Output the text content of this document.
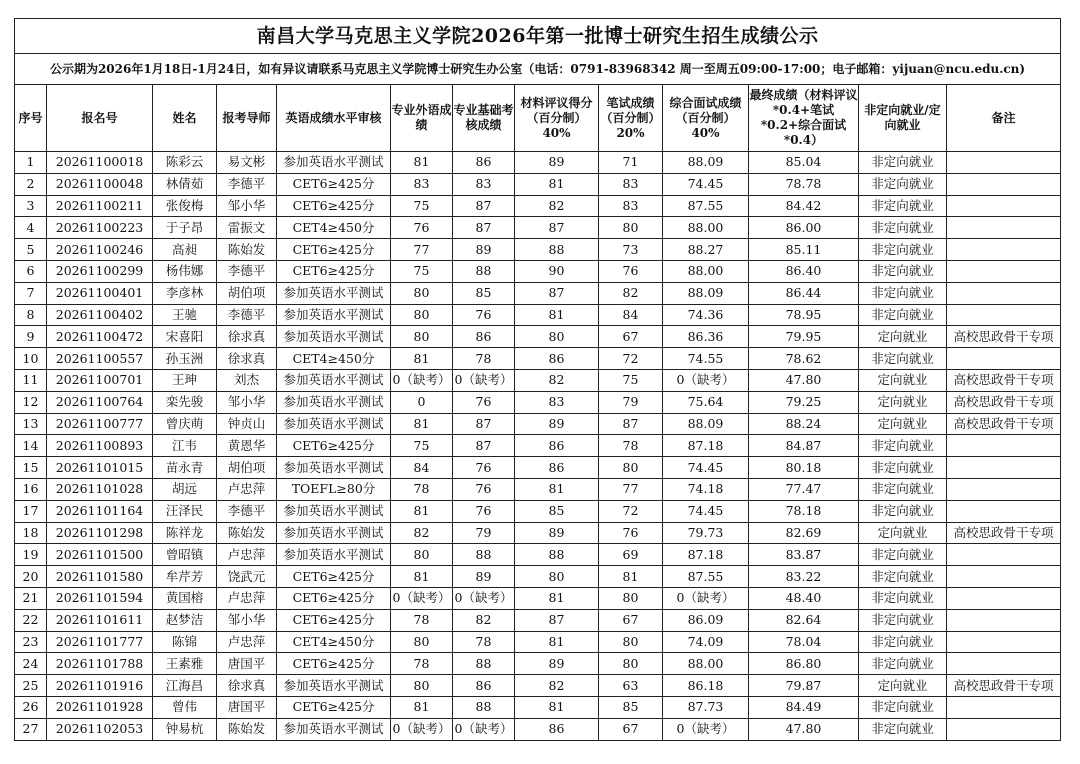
南昌大学马克思主义学院2026年第一批博士研究生招生成绩公示												
公示期为2026年1月18日-1月24日，如有异议请联系马克思主义学院博士研究生办公室（电话：0791-83968342 周一至周五09:00-17:00；电子邮箱：yijuan@ncu.edu.cn)												
序号	报名号	姓名	报考导师	英语成绩水平审核	专业外语成绩	专业基础考核成绩	材料评议得分（百分制）40%	笔试成绩（百分制）20%	综合面试成绩（百分制）40%	最终成绩（材料评议*0.4+笔试*0.2+综合面试*0.4）	非定向就业/定向就业	备注
1	20261100018	陈彩云	易文彬	参加英语水平测试	81	86	89	71	88.09	85.04	非定向就业	
2	20261100048	林倩茹	李德平	CET6≥425分	83	83	81	83	74.45	78.78	非定向就业	
3	20261100211	张俊梅	邹小华	CET6≥425分	75	87	82	83	87.55	84.42	非定向就业	
4	20261100223	于子昂	雷振文	CET4≥450分	76	87	87	80	88.00	86.00	非定向就业	
5	20261100246	高昶	陈始发	CET6≥425分	77	89	88	73	88.27	85.11	非定向就业	
6	20261100299	杨伟娜	李德平	CET6≥425分	75	88	90	76	88.00	86.40	非定向就业	
7	20261100401	李彦林	胡伯项	参加英语水平测试	80	85	87	82	88.09	86.44	非定向就业	
8	20261100402	王驰	李德平	参加英语水平测试	80	76	81	84	74.36	78.95	非定向就业	
9	20261100472	宋喜阳	徐求真	参加英语水平测试	80	86	80	67	86.36	79.95	定向就业	高校思政骨干专项
10	20261100557	孙玉洲	徐求真	CET4≥450分	81	78	86	72	74.55	78.62	非定向就业	
11	20261100701	王珅	刘杰	参加英语水平测试	0（缺考）	0（缺考）	82	75	0（缺考）	47.80	定向就业	高校思政骨干专项
12	20261100764	栾先骏	邹小华	参加英语水平测试	0	76	83	79	75.64	79.25	定向就业	高校思政骨干专项
13	20261100777	曾庆萌	钟贞山	参加英语水平测试	81	87	89	87	88.09	88.24	定向就业	高校思政骨干专项
14	20261100893	江韦	黄恩华	CET6≥425分	75	87	86	78	87.18	84.87	非定向就业	
15	20261101015	苗永青	胡伯项	参加英语水平测试	84	76	86	80	74.45	80.18	非定向就业	
16	20261101028	胡远	卢忠萍	TOEFL≥80分	78	76	81	77	74.18	77.47	非定向就业	
17	20261101164	汪泽民	李德平	参加英语水平测试	81	76	85	72	74.45	78.18	非定向就业	
18	20261101298	陈祥龙	陈始发	参加英语水平测试	82	79	89	76	79.73	82.69	定向就业	高校思政骨干专项
19	20261101500	曾昭镇	卢忠萍	参加英语水平测试	80	88	88	69	87.18	83.87	非定向就业	
20	20261101580	牟芹芳	饶武元	CET6≥425分	81	89	80	81	87.55	83.22	非定向就业	
21	20261101594	黄国榕	卢忠萍	CET6≥425分	0（缺考）	0（缺考）	81	80	0（缺考）	48.40	非定向就业	
22	20261101611	赵梦洁	邹小华	CET6≥425分	78	82	87	67	86.09	82.64	非定向就业	
23	20261101777	陈锦	卢忠萍	CET4≥450分	80	78	81	80	74.09	78.04	非定向就业	
24	20261101788	王素雅	唐国平	CET6≥425分	78	88	89	80	88.00	86.80	非定向就业	
25	20261101916	江海昌	徐求真	参加英语水平测试	80	86	82	63	86.18	79.87	定向就业	高校思政骨干专项
26	20261101928	曾伟	唐国平	CET6≥425分	81	88	81	85	87.73	84.49	非定向就业	
27	20261102053	钟易杭	陈始发	参加英语水平测试	0（缺考）	0（缺考）	86	67	0（缺考）	47.80	非定向就业	
